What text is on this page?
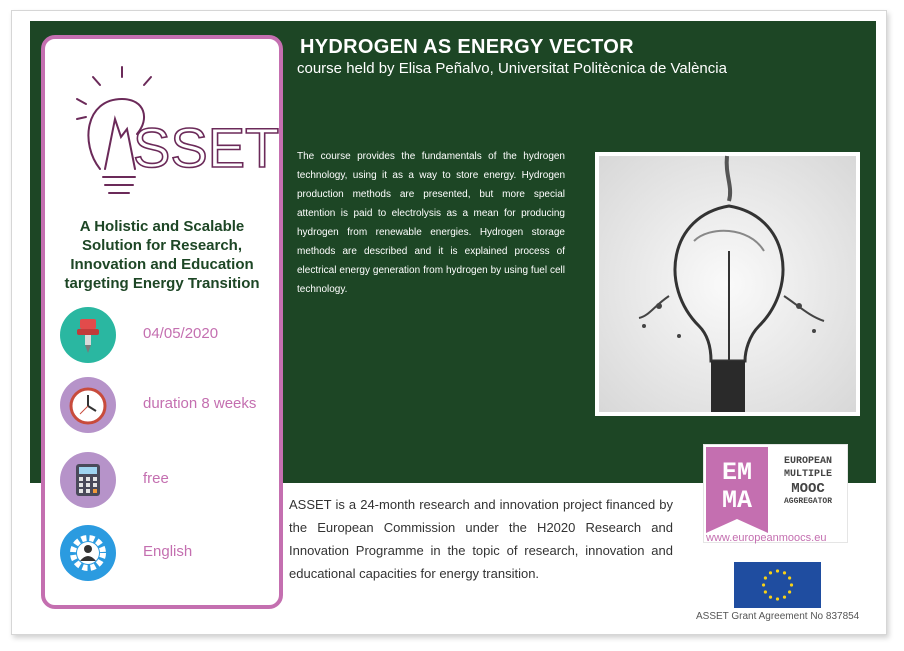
SSET
A Holistic and Scalable
Solution for Research,
Innovation and Education
targeting Energy Transition
04/05/2020
duration 8 weeks
free
English
HYDROGEN AS ENERGY VECTOR
course held by Elisa Peñalvo, Universitat Politècnica de València
The course provides the fundamentals of the hydrogen technology, using it as a way to store energy. Hydrogen production methods are presented, but more special attention is paid to electrolysis as a mean for producing hydrogen from renewable energies. Hydrogen storage methods are described and it is explained process of electrical energy generation from hydrogen by using fuel cell technology.
ASSET is a 24-month research and innovation project financed by the European Commission under the H2020 Research and Innovation Programme in the topic of research, innovation and educational capacities for energy transition.
EM
MA
EUROPEAN
MULTIPLE
MOOC
AGGREGATOR
www.europeanmoocs.eu
ASSET Grant Agreement No 837854
